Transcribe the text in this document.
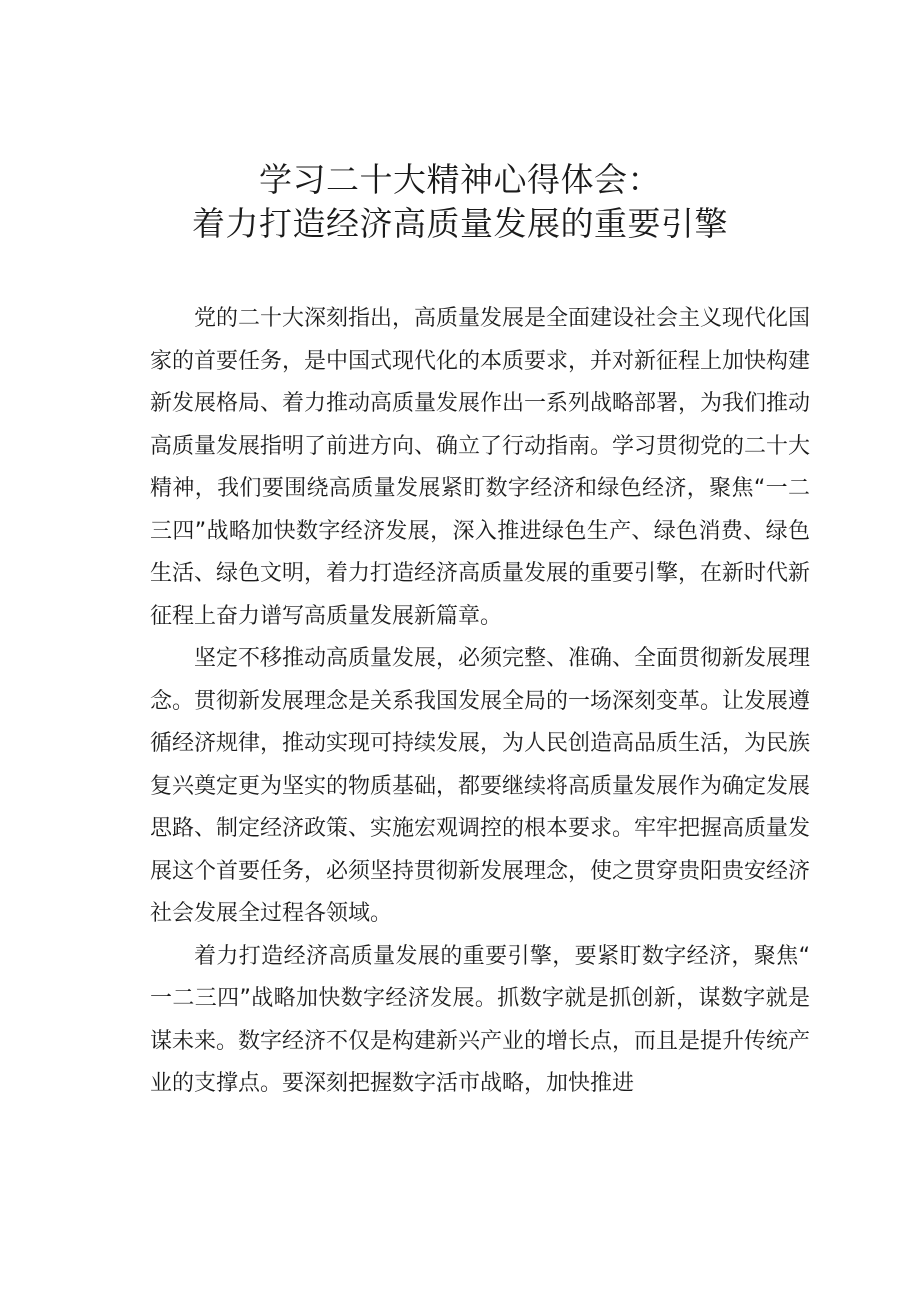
学习二十大精神心得体会：
着力打造经济高质量发展的重要引擎

党的二十大深刻指出，高质量发展是全面建设社会主义现代化国家的首要任务，是中国式现代化的本质要求，并对新征程上加快构建新发展格局、着力推动高质量发展作出一系列战略部署，为我们推动高质量发展指明了前进方向、确立了行动指南。学习贯彻党的二十大精神，我们要围绕高质量发展紧盯数字经济和绿色经济，聚焦“一二三四”战略加快数字经济发展，深入推进绿色生产、绿色消费、绿色生活、绿色文明，着力打造经济高质量发展的重要引擎，在新时代新征程上奋力谱写高质量发展新篇章。

坚定不移推动高质量发展，必须完整、准确、全面贯彻新发展理念。贯彻新发展理念是关系我国发展全局的一场深刻变革。让发展遵循经济规律，推动实现可持续发展，为人民创造高品质生活，为民族复兴奠定更为坚实的物质基础，都要继续将高质量发展作为确定发展思路、制定经济政策、实施宏观调控的根本要求。牢牢把握高质量发展这个首要任务，必须坚持贯彻新发展理念，使之贯穿贵阳贵安经济社会发展全过程各领域。

着力打造经济高质量发展的重要引擎，要紧盯数字经济，聚焦“一二三四”战略加快数字经济发展。抓数字就是抓创新，谋数字就是谋未来。数字经济不仅是构建新兴产业的增长点，而且是提升传统产业的支撑点。要深刻把握数字活市战略，加快推进
